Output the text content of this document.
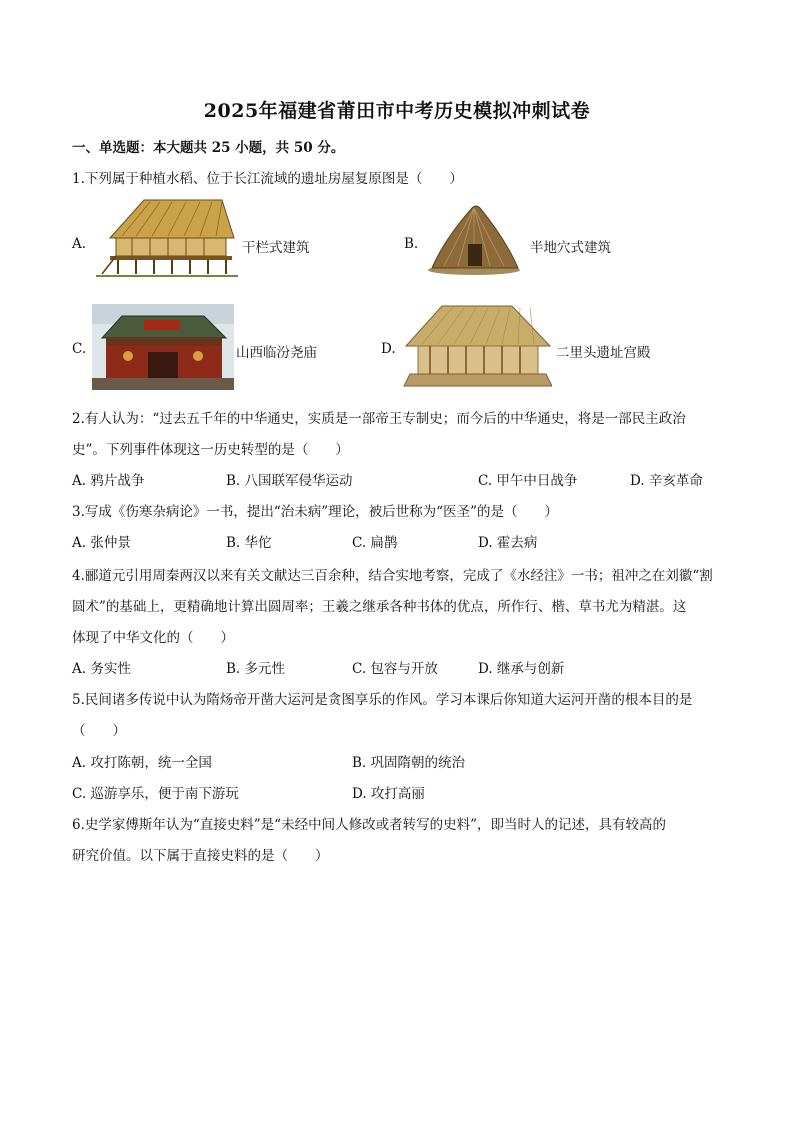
2025年福建省莆田市中考历史模拟冲刺试卷
一、单选题：本大题共 25 小题，共 50 分。
1.下列属于种植水稻、位于长江流域的遗址房屋复原图是（　　）
A.	干栏式建筑	B.	半地穴式建筑
C.	山西临汾尧庙	D.	二里头遗址宫殿
2.有人认为：“过去五千年的中华通史，实质是一部帝王专制史；而今后的中华通史，将是一部民主政治
史”。下列事件体现这一历史转型的是（　　）
A. 鸦片战争	B. 八国联军侵华运动	C. 甲午中日战争	D. 辛亥革命
3.写成《伤寒杂病论》一书，提出“治未病”理论，被后世称为“医圣”的是（　　）
A. 张仲景	B. 华佗	C. 扁鹊	D. 霍去病
4.郦道元引用周秦两汉以来有关文献达三百余种，结合实地考察，完成了《水经注》一书；祖冲之在刘徽“割
圆术”的基础上，更精确地计算出圆周率；王羲之继承各种书体的优点，所作行、楷、草书尤为精湛。这
体现了中华文化的（　　）
A. 务实性	B. 多元性	C. 包容与开放	D. 继承与创新
5.民间诸多传说中认为隋炀帝开凿大运河是贪图享乐的作风。学习本课后你知道大运河开凿的根本目的是
（　　）
A. 攻打陈朝，统一全国	B. 巩固隋朝的统治
C. 巡游享乐，便于南下游玩	D. 攻打高丽
6.史学家傅斯年认为“直接史料”是“未经中间人修改或者转写的史料”，即当时人的记述，具有较高的
研究价值。以下属于直接史料的是（　　）
